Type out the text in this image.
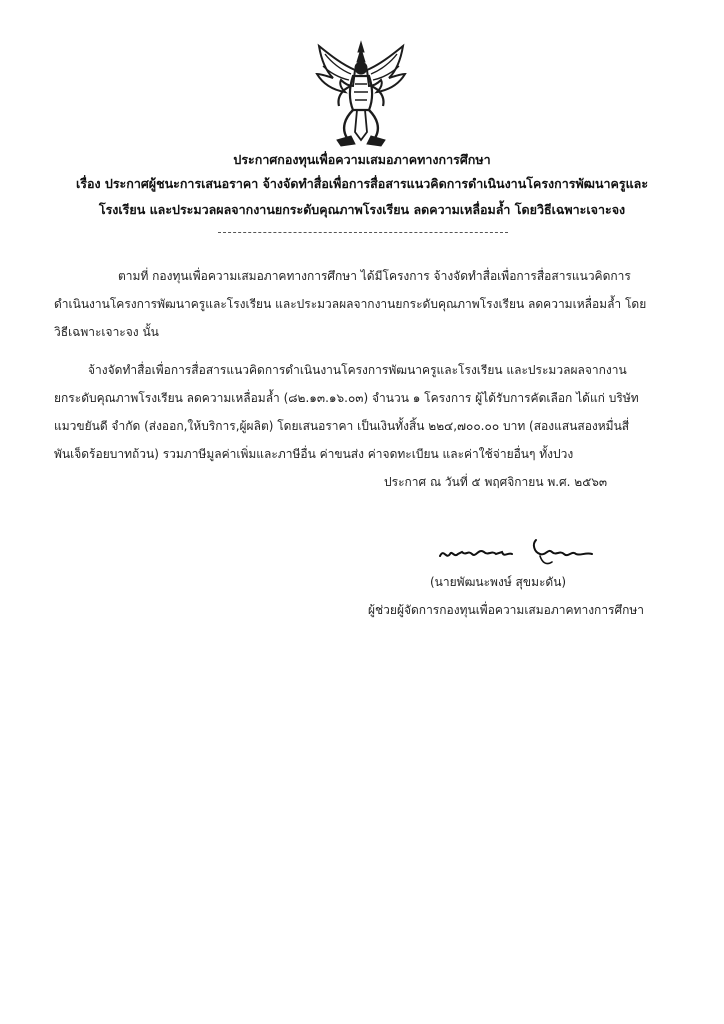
ประกาศกองทุนเพื่อความเสมอภาคทางการศึกษา
เรื่อง ประกาศผู้ชนะการเสนอราคา จ้างจัดทำสื่อเพื่อการสื่อสารแนวคิดการดำเนินงานโครงการพัฒนาครูและ
โรงเรียน และประมวลผลจากงานยกระดับคุณภาพโรงเรียน ลดความเหลื่อมล้ำ โดยวิธีเฉพาะเจาะจง
ตามที่ กองทุนเพื่อความเสมอภาคทางการศึกษา ได้มีโครงการ จ้างจัดทำสื่อเพื่อการสื่อสารแนวคิดการ
ดำเนินงานโครงการพัฒนาครูและโรงเรียน และประมวลผลจากงานยกระดับคุณภาพโรงเรียน ลดความเหลื่อมล้ำ โดย
วิธีเฉพาะเจาะจง นั้น
จ้างจัดทำสื่อเพื่อการสื่อสารแนวคิดการดำเนินงานโครงการพัฒนาครูและโรงเรียน และประมวลผลจากงาน
ยกระดับคุณภาพโรงเรียน ลดความเหลื่อมล้ำ (๘๒.๑๓.๑๖.๐๓) จำนวน ๑ โครงการ ผู้ได้รับการคัดเลือก ได้แก่ บริษัท
แมวขยันดี จำกัด (ส่งออก,ให้บริการ,ผู้ผลิต) โดยเสนอราคา เป็นเงินทั้งสิ้น ๒๒๔,๗๐๐.๐๐ บาท (สองแสนสองหมื่นสี่
พันเจ็ดร้อยบาทถ้วน) รวมภาษีมูลค่าเพิ่มและภาษีอื่น ค่าขนส่ง ค่าจดทะเบียน และค่าใช้จ่ายอื่นๆ ทั้งปวง
ประกาศ ณ วันที่ ๕ พฤศจิกายน พ.ศ. ๒๕๖๓
(นายพัฒนะพงษ์ สุขมะดัน)
ผู้ช่วยผู้จัดการกองทุนเพื่อความเสมอภาคทางการศึกษา
